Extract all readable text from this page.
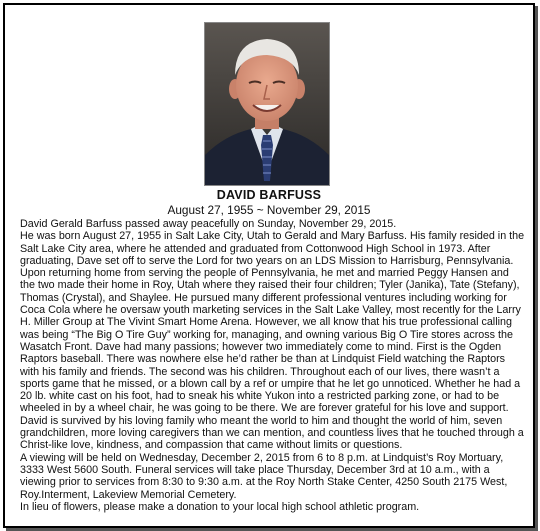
DAVID BARFUSS
August 27, 1955 ~ November 29, 2015

David Gerald Barfuss passed away peacefully on Sunday, November 29, 2015.

He was born August 27, 1955 in Salt Lake City, Utah to Gerald and Mary Barfuss. His family resided in the Salt Lake City area, where he attended and graduated from Cottonwood High School in 1973. After graduating, Dave set off to serve the Lord for two years on an LDS Mission to Harrisburg, Pennsylvania. Upon returning home from serving the people of Pennsylvania, he met and married Peggy Hansen and the two made their home in Roy, Utah where they raised their four children; Tyler (Janika), Tate (Stefany), Thomas (Crystal), and Shaylee. He pursued many different professional ventures including working for Coca Cola where he oversaw youth marketing services in the Salt Lake Valley, most recently for the Larry H. Miller Group at The Vivint Smart Home Arena. However, we all know that his true professional calling was being “The Big O Tire Guy” working for, managing, and owning various Big O Tire stores across the Wasatch Front. Dave had many passions; however two immediately come to mind. First is the Ogden Raptors baseball. There was nowhere else he’d rather be than at Lindquist Field watching the Raptors with his family and friends. The second was his children. Throughout each of our lives, there wasn’t a sports game that he missed, or a blown call by a ref or umpire that he let go unnoticed. Whether he had a 20 lb. white cast on his foot, had to sneak his white Yukon into a restricted parking zone, or had to be wheeled in by a wheel chair, he was going to be there. We are forever grateful for his love and support. David is survived by his loving family who meant the world to him and thought the world of him, seven grandchildren, more loving caregivers than we can mention, and countless lives that he touched through a Christ-like love, kindness, and compassion that came without limits or questions.

A viewing will be held on Wednesday, December 2, 2015 from 6 to 8 p.m. at Lindquist’s Roy Mortuary, 3333 West 5600 South. Funeral services will take place Thursday, December 3rd at 10 a.m., with a viewing prior to services from 8:30 to 9:30 a.m. at the Roy North Stake Center, 4250 South 2175 West, Roy.Interment, Lakeview Memorial Cemetery.

In lieu of flowers, please make a donation to your local high school athletic program.
